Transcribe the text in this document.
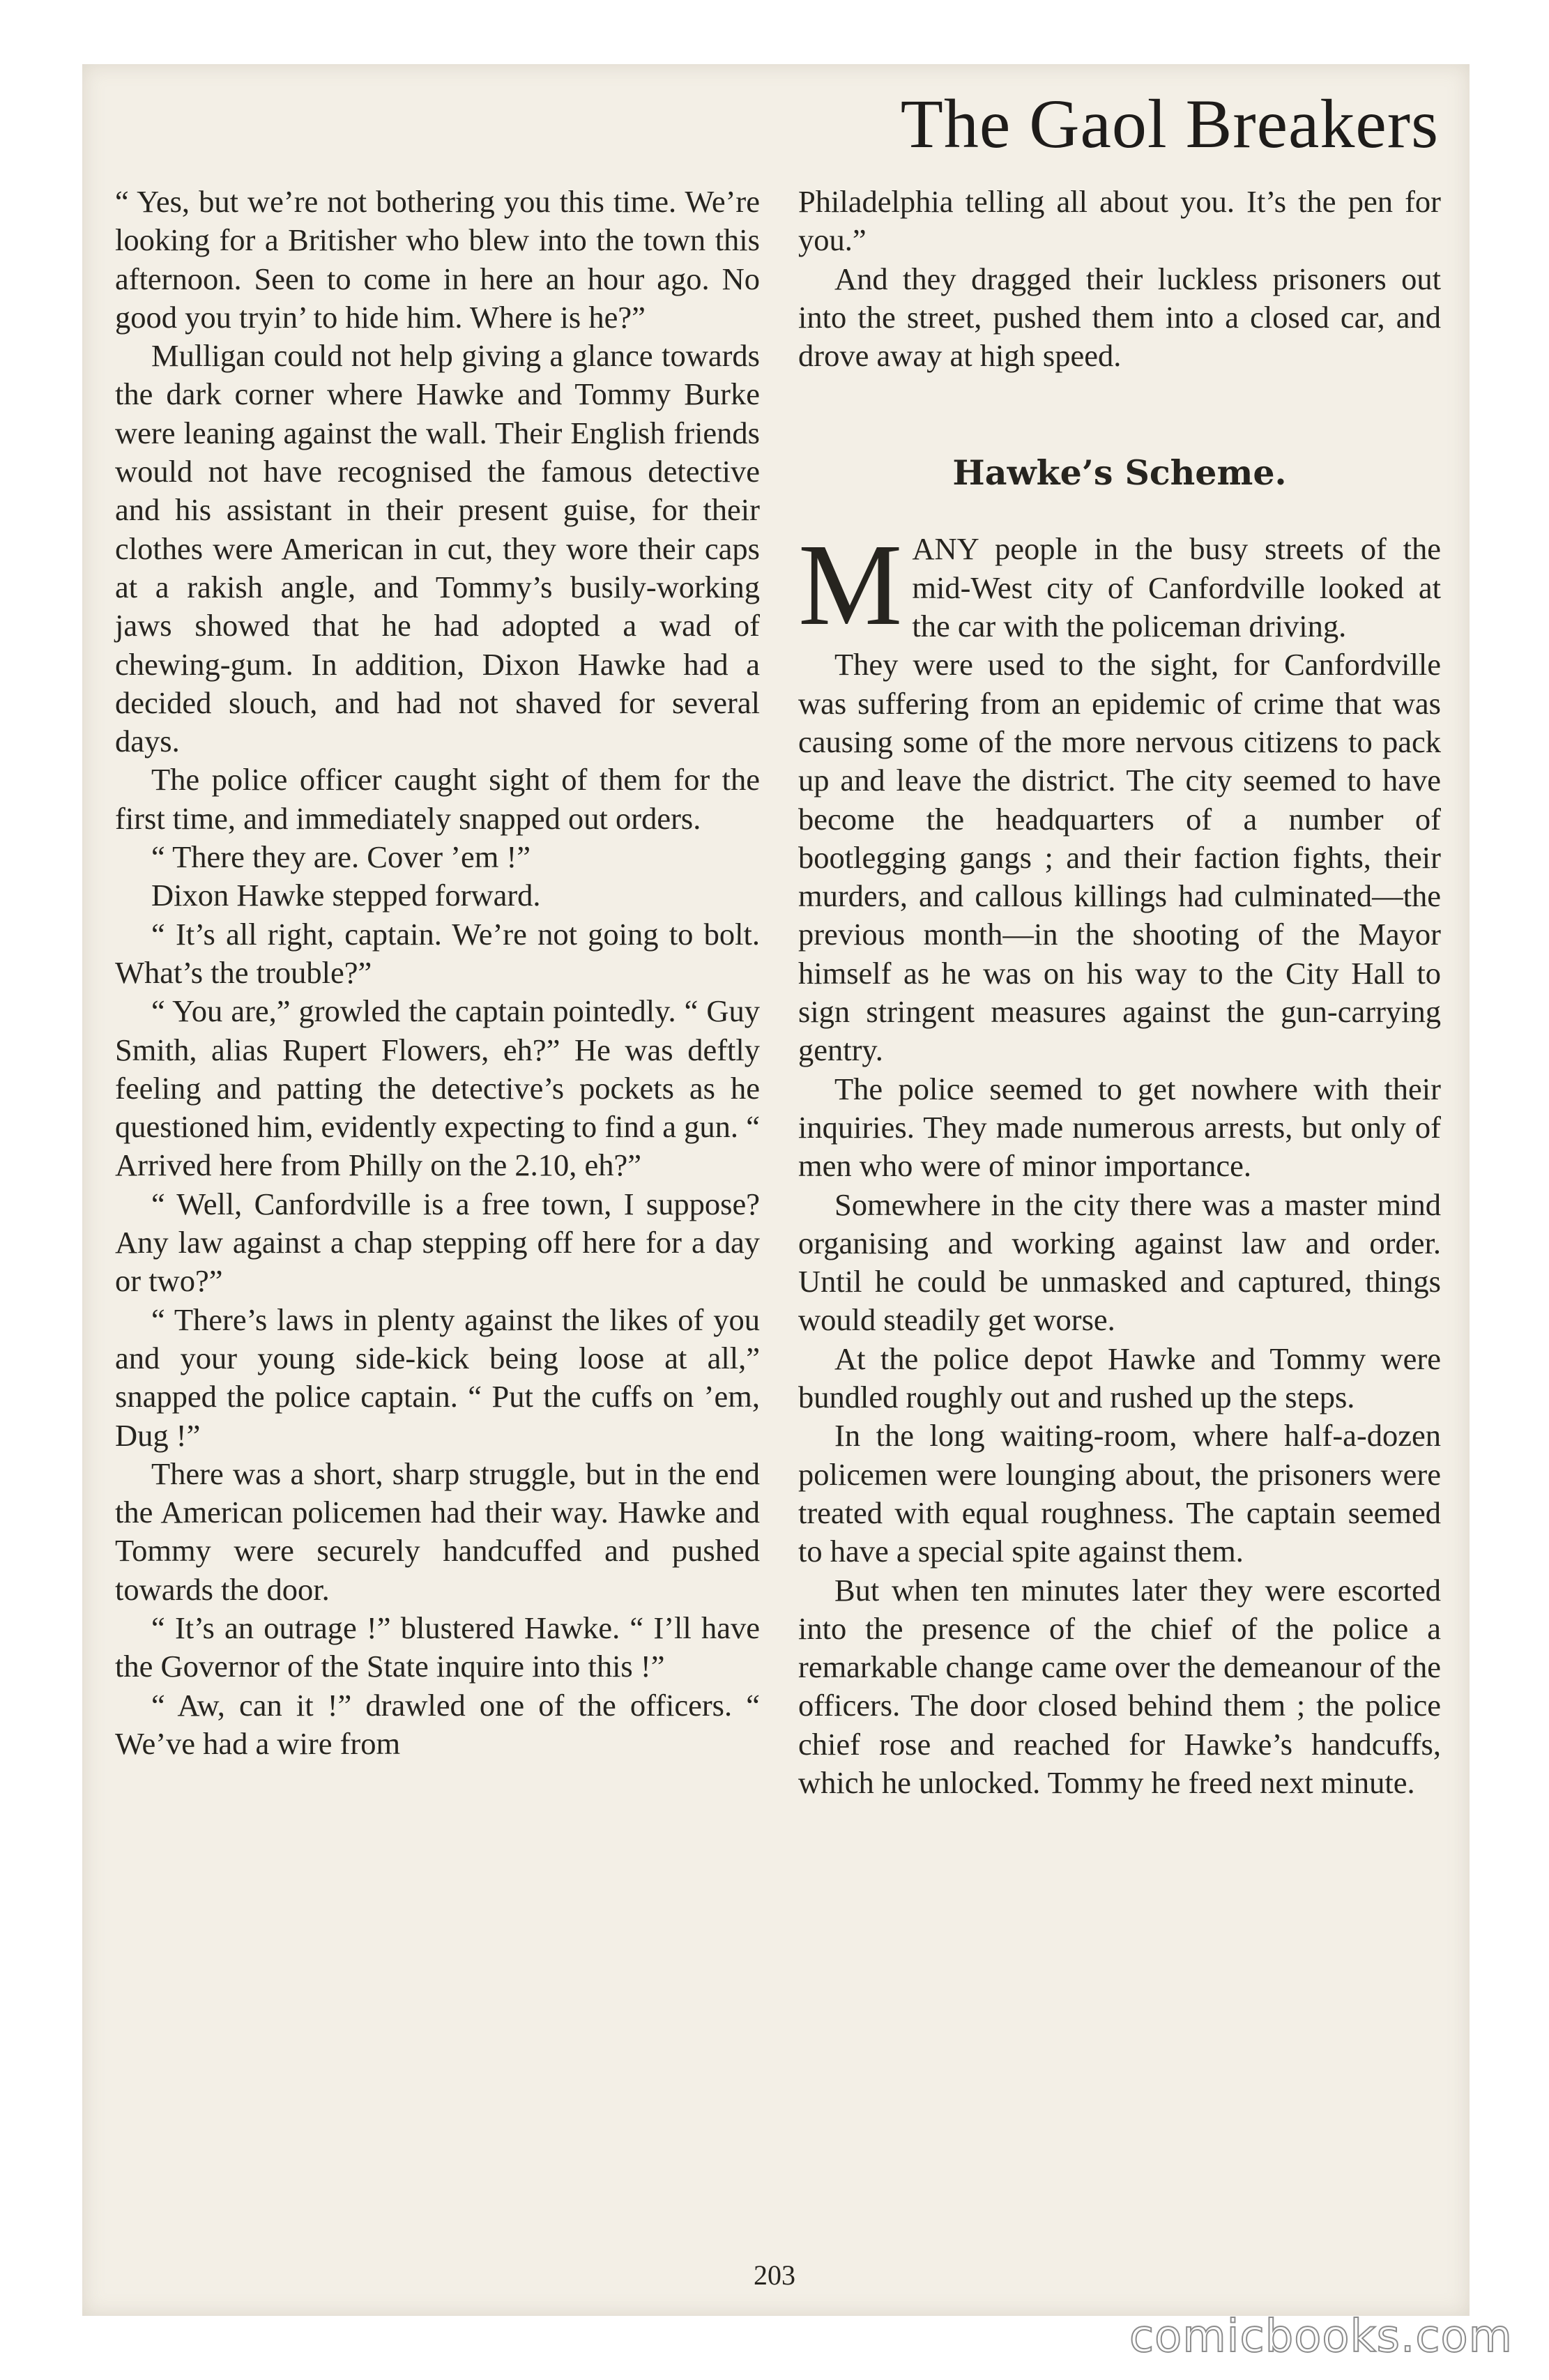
The Gaol Breakers

“ Yes, but we’re not bothering you this time. We’re looking for a Britisher who blew into the town this afternoon. Seen to come in here an hour ago. No good you tryin’ to hide him. Where is he?”

Mulligan could not help giving a glance towards the dark corner where Hawke and Tommy Burke were leaning against the wall. Their English friends would not have recognised the famous detective and his assistant in their present guise, for their clothes were American in cut, they wore their caps at a rakish angle, and Tommy’s busily-working jaws showed that he had adopted a wad of chewing-gum. In addition, Dixon Hawke had a decided slouch, and had not shaved for several days.

The police officer caught sight of them for the first time, and immediately snapped out orders.

“ There they are. Cover ’em !”

Dixon Hawke stepped forward.

“ It’s all right, captain. We’re not going to bolt. What’s the trouble?”

“ You are,” growled the captain pointedly. “ Guy Smith, alias Rupert Flowers, eh?” He was deftly feeling and patting the detective’s pockets as he questioned him, evidently expecting to find a gun. “ Arrived here from Philly on the 2.10, eh?”

“ Well, Canfordville is a free town, I suppose? Any law against a chap stepping off here for a day or two?”

“ There’s laws in plenty against the likes of you and your young side-kick being loose at all,” snapped the police captain. “ Put the cuffs on ’em, Dug !”

There was a short, sharp struggle, but in the end the American policemen had their way. Hawke and Tommy were securely handcuffed and pushed towards the door.

“ It’s an outrage !” blustered Hawke. “ I’ll have the Governor of the State inquire into this !”

“ Aw, can it !” drawled one of the officers. “ We’ve had a wire from

Philadelphia telling all about you. It’s the pen for you.”

And they dragged their luckless prisoners out into the street, pushed them into a closed car, and drove away at high speed.

Hawke’s Scheme.

MANY people in the busy streets of the mid-West city of Canfordville looked at the car with the policeman driving.

They were used to the sight, for Canfordville was suffering from an epidemic of crime that was causing some of the more nervous citizens to pack up and leave the district. The city seemed to have become the headquarters of a number of bootlegging gangs ; and their faction fights, their murders, and callous killings had culminated—the previous month—in the shooting of the Mayor himself as he was on his way to the City Hall to sign stringent measures against the gun-carrying gentry.

The police seemed to get nowhere with their inquiries. They made numerous arrests, but only of men who were of minor importance.

Somewhere in the city there was a master mind organising and working against law and order. Until he could be unmasked and captured, things would steadily get worse.

At the police depot Hawke and Tommy were bundled roughly out and rushed up the steps.

In the long waiting-room, where half-a-dozen policemen were lounging about, the prisoners were treated with equal roughness. The captain seemed to have a special spite against them.

But when ten minutes later they were escorted into the presence of the chief of the police a remarkable change came over the demeanour of the officers. The door closed behind them ; the police chief rose and reached for Hawke’s handcuffs, which he unlocked. Tommy he freed next minute.

203
comicbooks.com
